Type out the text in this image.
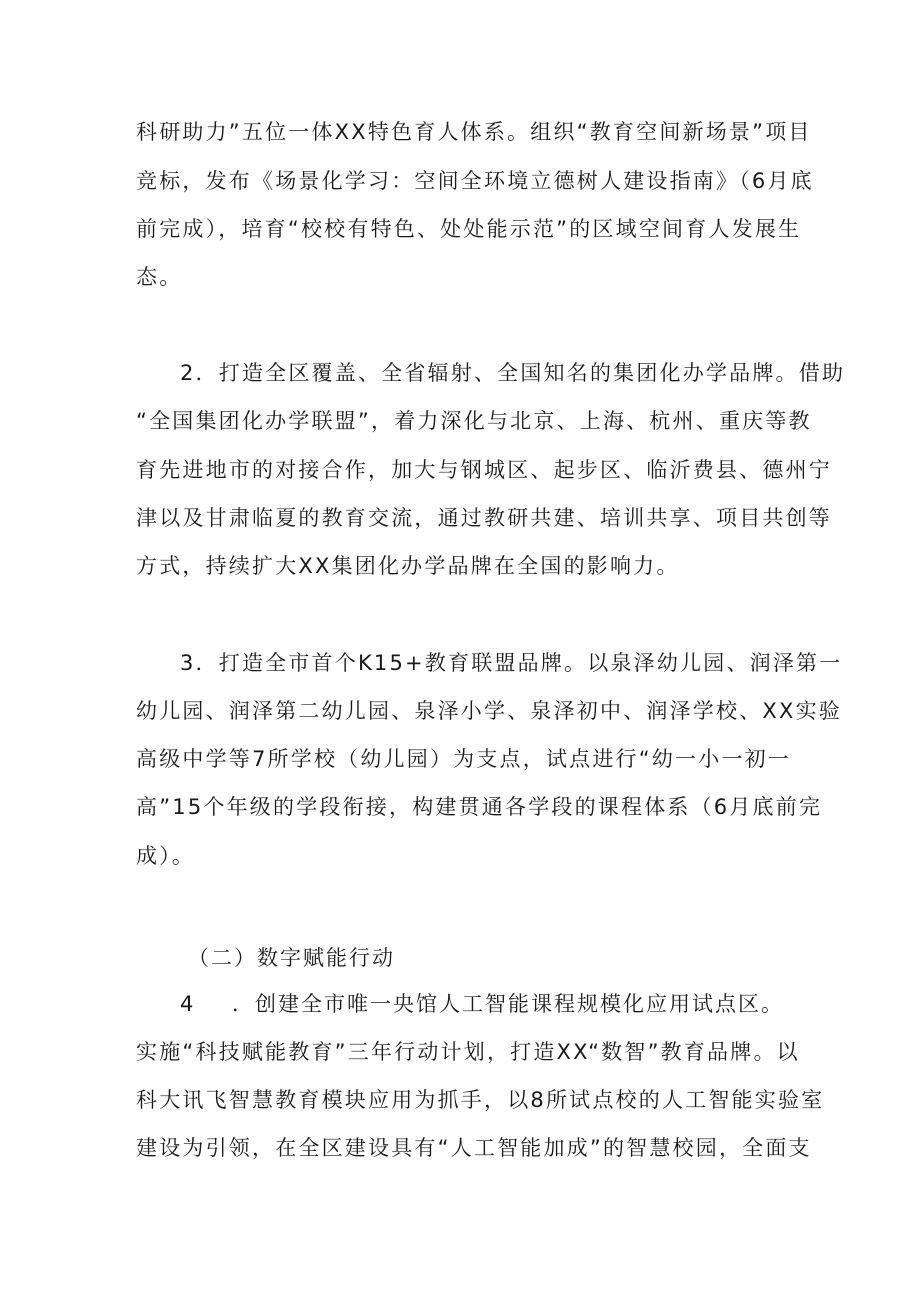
科研助力”五位一体XX特色育人体系。组织“教育空间新场景”项目
竞标，发布《场景化学习：空间全环境立德树人建设指南》（6月底
前完成），培育“校校有特色、处处能示范”的区域空间育人发展生
态。
2．打造全区覆盖、全省辐射、全国知名的集团化办学品牌。借助
“全国集团化办学联盟”，着力深化与北京、上海、杭州、重庆等教
育先进地市的对接合作，加大与钢城区、起步区、临沂费县、德州宁
津以及甘肃临夏的教育交流，通过教研共建、培训共享、项目共创等
方式，持续扩大XX集团化办学品牌在全国的影响力。
3．打造全市首个K15+教育联盟品牌。以泉泽幼儿园、润泽第一
幼儿园、润泽第二幼儿园、泉泽小学、泉泽初中、润泽学校、XX实验
高级中学等7所学校（幼儿园）为支点，试点进行“幼一小一初一
高”15个年级的学段衔接，构建贯通各学段的课程体系（6月底前完
成）。
（二）数字赋能行动
4 ．创建全市唯一央馆人工智能课程规模化应用试点区。
实施“科技赋能教育”三年行动计划，打造XX“数智”教育品牌。以
科大讯飞智慧教育模块应用为抓手，以8所试点校的人工智能实验室
建设为引领，在全区建设具有“人工智能加成”的智慧校园，全面支
